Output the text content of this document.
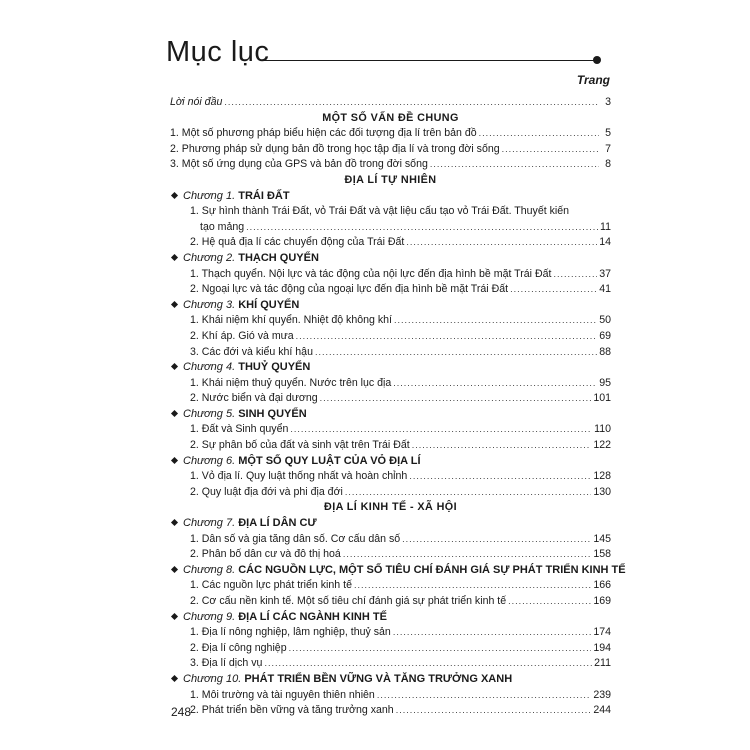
Mục lục
Trang
Lời nói đầu .....	3
MỘT SỐ VẤN ĐỀ CHUNG
1. Một số phương pháp biểu hiện các đối tượng địa lí trên bản đồ .....	5
2. Phương pháp sử dụng bản đồ trong học tập địa lí và trong đời sống .....	7
3. Một số ứng dụng của GPS và bản đồ trong đời sống .....	8
ĐỊA LÍ TỰ NHIÊN
Chương 1. TRÁI ĐẤT
1. Sự hình thành Trái Đất, vỏ Trái Đất và vật liệu cấu tạo vỏ Trái Đất. Thuyết kiến
tạo mảng .....	11
2. Hệ quả địa lí các chuyển động của Trái Đất .....	14
Chương 2. THẠCH QUYỂN
1. Thạch quyển. Nội lực và tác động của nội lực đến địa hình bề mặt Trái Đất .....	37
2. Ngoại lực và tác động của ngoại lực đến địa hình bề mặt Trái Đất .....	41
Chương 3. KHÍ QUYỂN
1. Khái niệm khí quyển. Nhiệt độ không khí .....	50
2. Khí áp. Gió và mưa .....	69
3. Các đới và kiểu khí hậu .....	88
Chương 4. THUỶ QUYỂN
1. Khái niệm thuỷ quyển. Nước trên lục địa .....	95
2. Nước biển và đại dương .....	101
Chương 5. SINH QUYỂN
1. Đất và Sinh quyển .....	110
2. Sự phân bố của đất và sinh vật trên Trái Đất .....	122
Chương 6. MỘT SỐ QUY LUẬT CỦA VỎ ĐỊA LÍ
1. Vỏ địa lí. Quy luật thống nhất và hoàn chỉnh .....	128
2. Quy luật địa đới và phi địa đới .....	130
ĐỊA LÍ KINH TẾ - XÃ HỘI
Chương 7. ĐỊA LÍ DÂN CƯ
1. Dân số và gia tăng dân số. Cơ cấu dân số .....	145
2. Phân bố dân cư và đô thị hoá .....	158
Chương 8. CÁC NGUỒN LỰC, MỘT SỐ TIÊU CHÍ ĐÁNH GIÁ SỰ PHÁT TRIỂN KINH TẾ
1. Các nguồn lực phát triển kinh tế .....	166
2. Cơ cấu nền kinh tế. Một số tiêu chí đánh giá sự phát triển kinh tế .....	169
Chương 9. ĐỊA LÍ CÁC NGÀNH KINH TẾ
1. Địa lí nông nghiệp, lâm nghiệp, thuỷ sản .....	174
2. Địa lí công nghiệp .....	194
3. Địa lí dịch vụ .....	211
Chương 10. PHÁT TRIỂN BỀN VỮNG VÀ TĂNG TRƯỞNG XANH
1. Môi trường và tài nguyên thiên nhiên .....	239
2. Phát triển bền vững và tăng trưởng xanh .....	244
248
